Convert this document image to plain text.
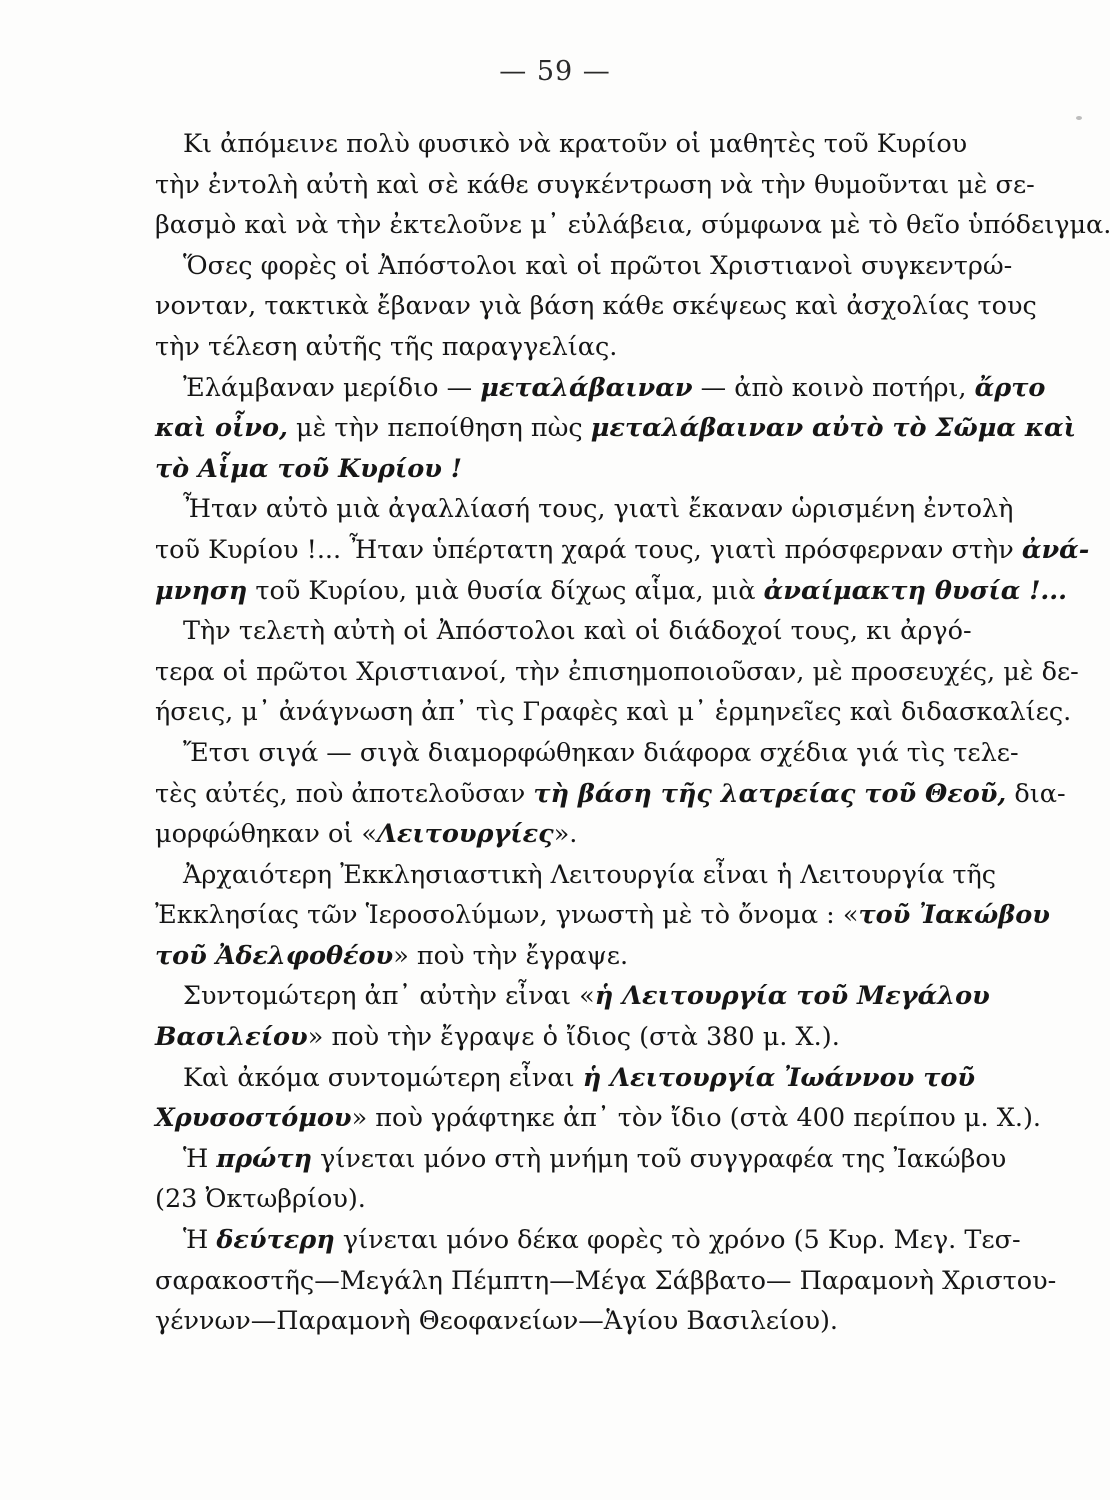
— 59 —
Κι ἀπόμεινε πολὺ φυσικὸ νὰ κρατοῦν οἱ μαθητὲς τοῦ Κυρίου
τὴν ἐντολὴ αὐτὴ καὶ σὲ κάθε συγκέντρωση νὰ τὴν θυμοῦνται μὲ σε-
βασμὸ καὶ νὰ τὴν ἐκτελοῦνε μ᾽ εὐλάβεια, σύμφωνα μὲ τὸ θεῖο ὑπόδειγμα.
Ὅσες φορὲς οἱ Ἀπόστολοι καὶ οἱ πρῶτοι Χριστιανοὶ συγκεντρώ-
νονταν, τακτικὰ ἔβαναν γιὰ βάση κάθε σκέψεως καὶ ἀσχολίας τους
τὴν τέλεση αὐτῆς τῆς παραγγελίας.
Ἐλάμβαναν μερίδιο — μεταλάβαιναν — ἀπὸ κοινὸ ποτήρι, ἄρτο
καὶ οἶνο, μὲ τὴν πεποίθηση πὼς μεταλάβαιναν αὐτὸ τὸ Σῶμα καὶ
τὸ Αἷμα τοῦ Κυρίου !
Ἦταν αὐτὸ μιὰ ἀγαλλίασή τους, γιατὶ ἔκαναν ὡρισμένη ἐντολὴ
τοῦ Κυρίου !... Ἦταν ὑπέρτατη χαρά τους, γιατὶ πρόσφερναν στὴν ἀνά-
μνηση τοῦ Κυρίου, μιὰ θυσία δίχως αἷμα, μιὰ ἀναίμακτη θυσία !...
Τὴν τελετὴ αὐτὴ οἱ Ἀπόστολοι καὶ οἱ διάδοχοί τους, κι ἀργό-
τερα οἱ πρῶτοι Χριστιανοί, τὴν ἐπισημοποιοῦσαν, μὲ προσευχές, μὲ δε-
ήσεις, μ᾽ ἀνάγνωση ἀπ᾽ τὶς Γραφὲς καὶ μ᾽ ἑρμηνεῖες καὶ διδασκαλίες.
Ἔτσι σιγά — σιγὰ διαμορφώθηκαν διάφορα σχέδια γιά τὶς τελε-
τὲς αὐτές, ποὺ ἀποτελοῦσαν τὴ βάση τῆς λατρείας τοῦ Θεοῦ, δια-
μορφώθηκαν οἱ «Λειτουργίες».
Ἀρχαιότερη Ἐκκλησιαστικὴ Λειτουργία εἶναι ἡ Λειτουργία τῆς
Ἐκκλησίας τῶν Ἱεροσολύμων, γνωστὴ μὲ τὸ ὄνομα : «τοῦ Ἰακώβου
τοῦ Ἀδελφοθέου» ποὺ τὴν ἔγραψε.
Συντομώτερη ἀπ᾽ αὐτὴν εἶναι «ἡ Λειτουργία τοῦ Μεγάλου
Βασιλείου» ποὺ τὴν ἔγραψε ὁ ἴδιος (στὰ 380 μ. Χ.).
Καὶ ἀκόμα συντομώτερη εἶναι ἡ Λειτουργία Ἰωάννου τοῦ
Χρυσοστόμου» ποὺ γράφτηκε ἀπ᾽ τὸν ἴδιο (στὰ 400 περίπου μ. Χ.).
Ἡ πρώτη γίνεται μόνο στὴ μνήμη τοῦ συγγραφέα της Ἰακώβου
(23 Ὀκτωβρίου).
Ἡ δεύτερη γίνεται μόνο δέκα φορὲς τὸ χρόνο (5 Κυρ. Μεγ. Τεσ-
σαρακοστῆς—Μεγάλη Πέμπτη—Μέγα Σάββατο— Παραμονὴ Χριστου-
γέννων—Παραμονὴ Θεοφανείων—Ἁγίου Βασιλείου).
